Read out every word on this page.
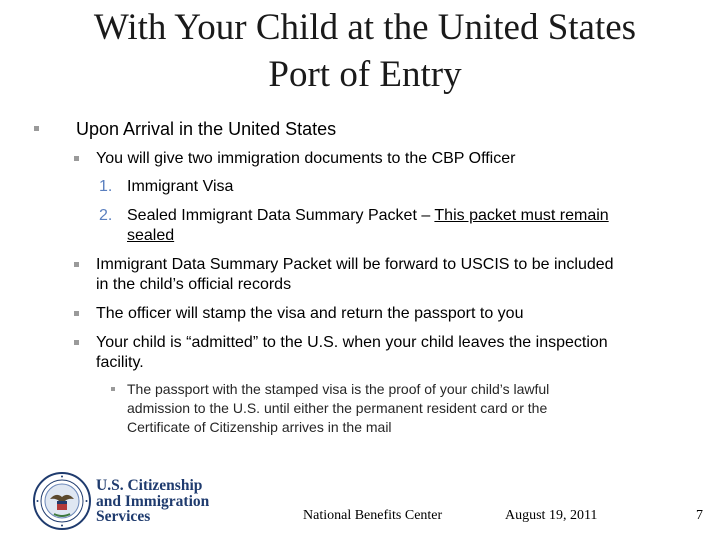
With Your Child at the United States
Port of Entry
Upon Arrival in the United States
You will give two immigration documents to the CBP Officer
1. Immigrant Visa
2. Sealed Immigrant Data Summary Packet – This packet must remain
sealed
Immigrant Data Summary Packet will be forward to USCIS to be included
in the child’s official records
The officer will stamp the visa and return the passport to you
Your child is “admitted” to the U.S. when your child leaves the inspection
facility.
The passport with the stamped visa is the proof of your child’s lawful
admission to the U.S. until either the permanent resident card or the
Certificate of Citizenship arrives in the mail
U.S. Citizenship
and Immigration
Services	National Benefits Center	August 19, 2011	7
